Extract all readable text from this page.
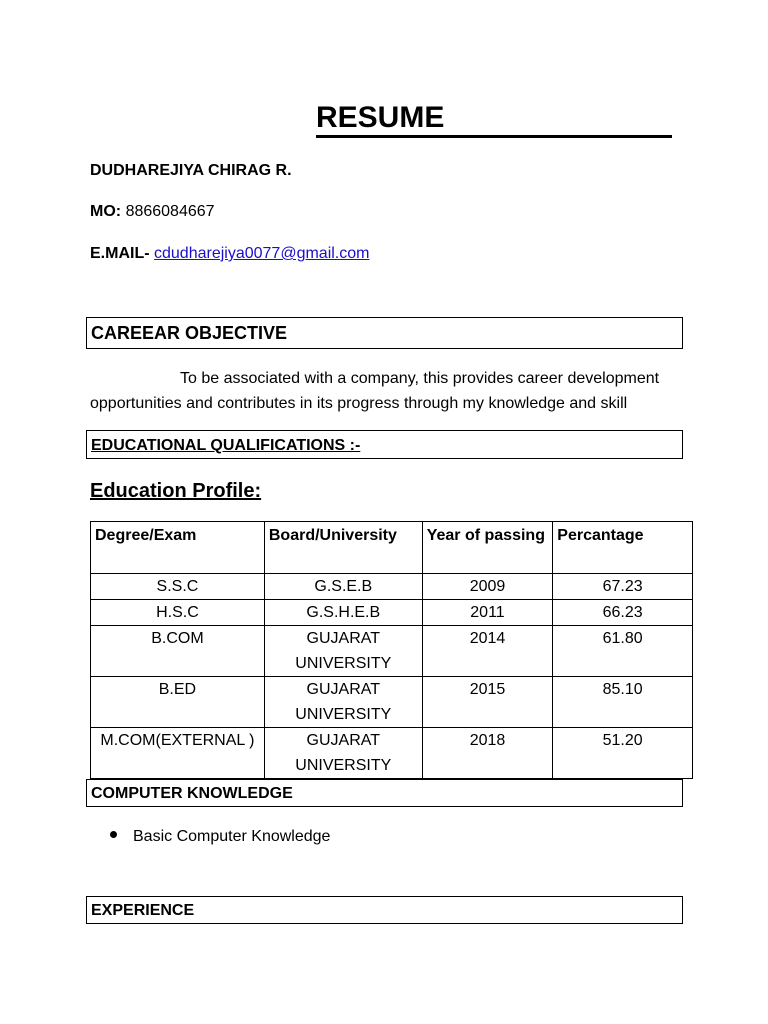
RESUME
DUDHAREJIYA CHIRAG R.
MO: 8866084667
E.MAIL- cdudharejiya0077@gmail.com
CAREEAR OBJECTIVE
To be associated with a company, this provides career development
opportunities and contributes in its progress through my knowledge and skill
EDUCATIONAL QUALIFICATIONS :-
Education Profile:
Degree/Exam	Board/University	Year of passing	Percantage
S.S.C	G.S.E.B	2009	67.23
H.S.C	G.S.H.E.B	2011	66.23
B.COM	GUJARAT UNIVERSITY	2014	61.80
B.ED	GUJARAT UNIVERSITY	2015	85.10
M.COM(EXTERNAL )	GUJARAT UNIVERSITY	2018	51.20
COMPUTER KNOWLEDGE
Basic Computer Knowledge
EXPERIENCE
